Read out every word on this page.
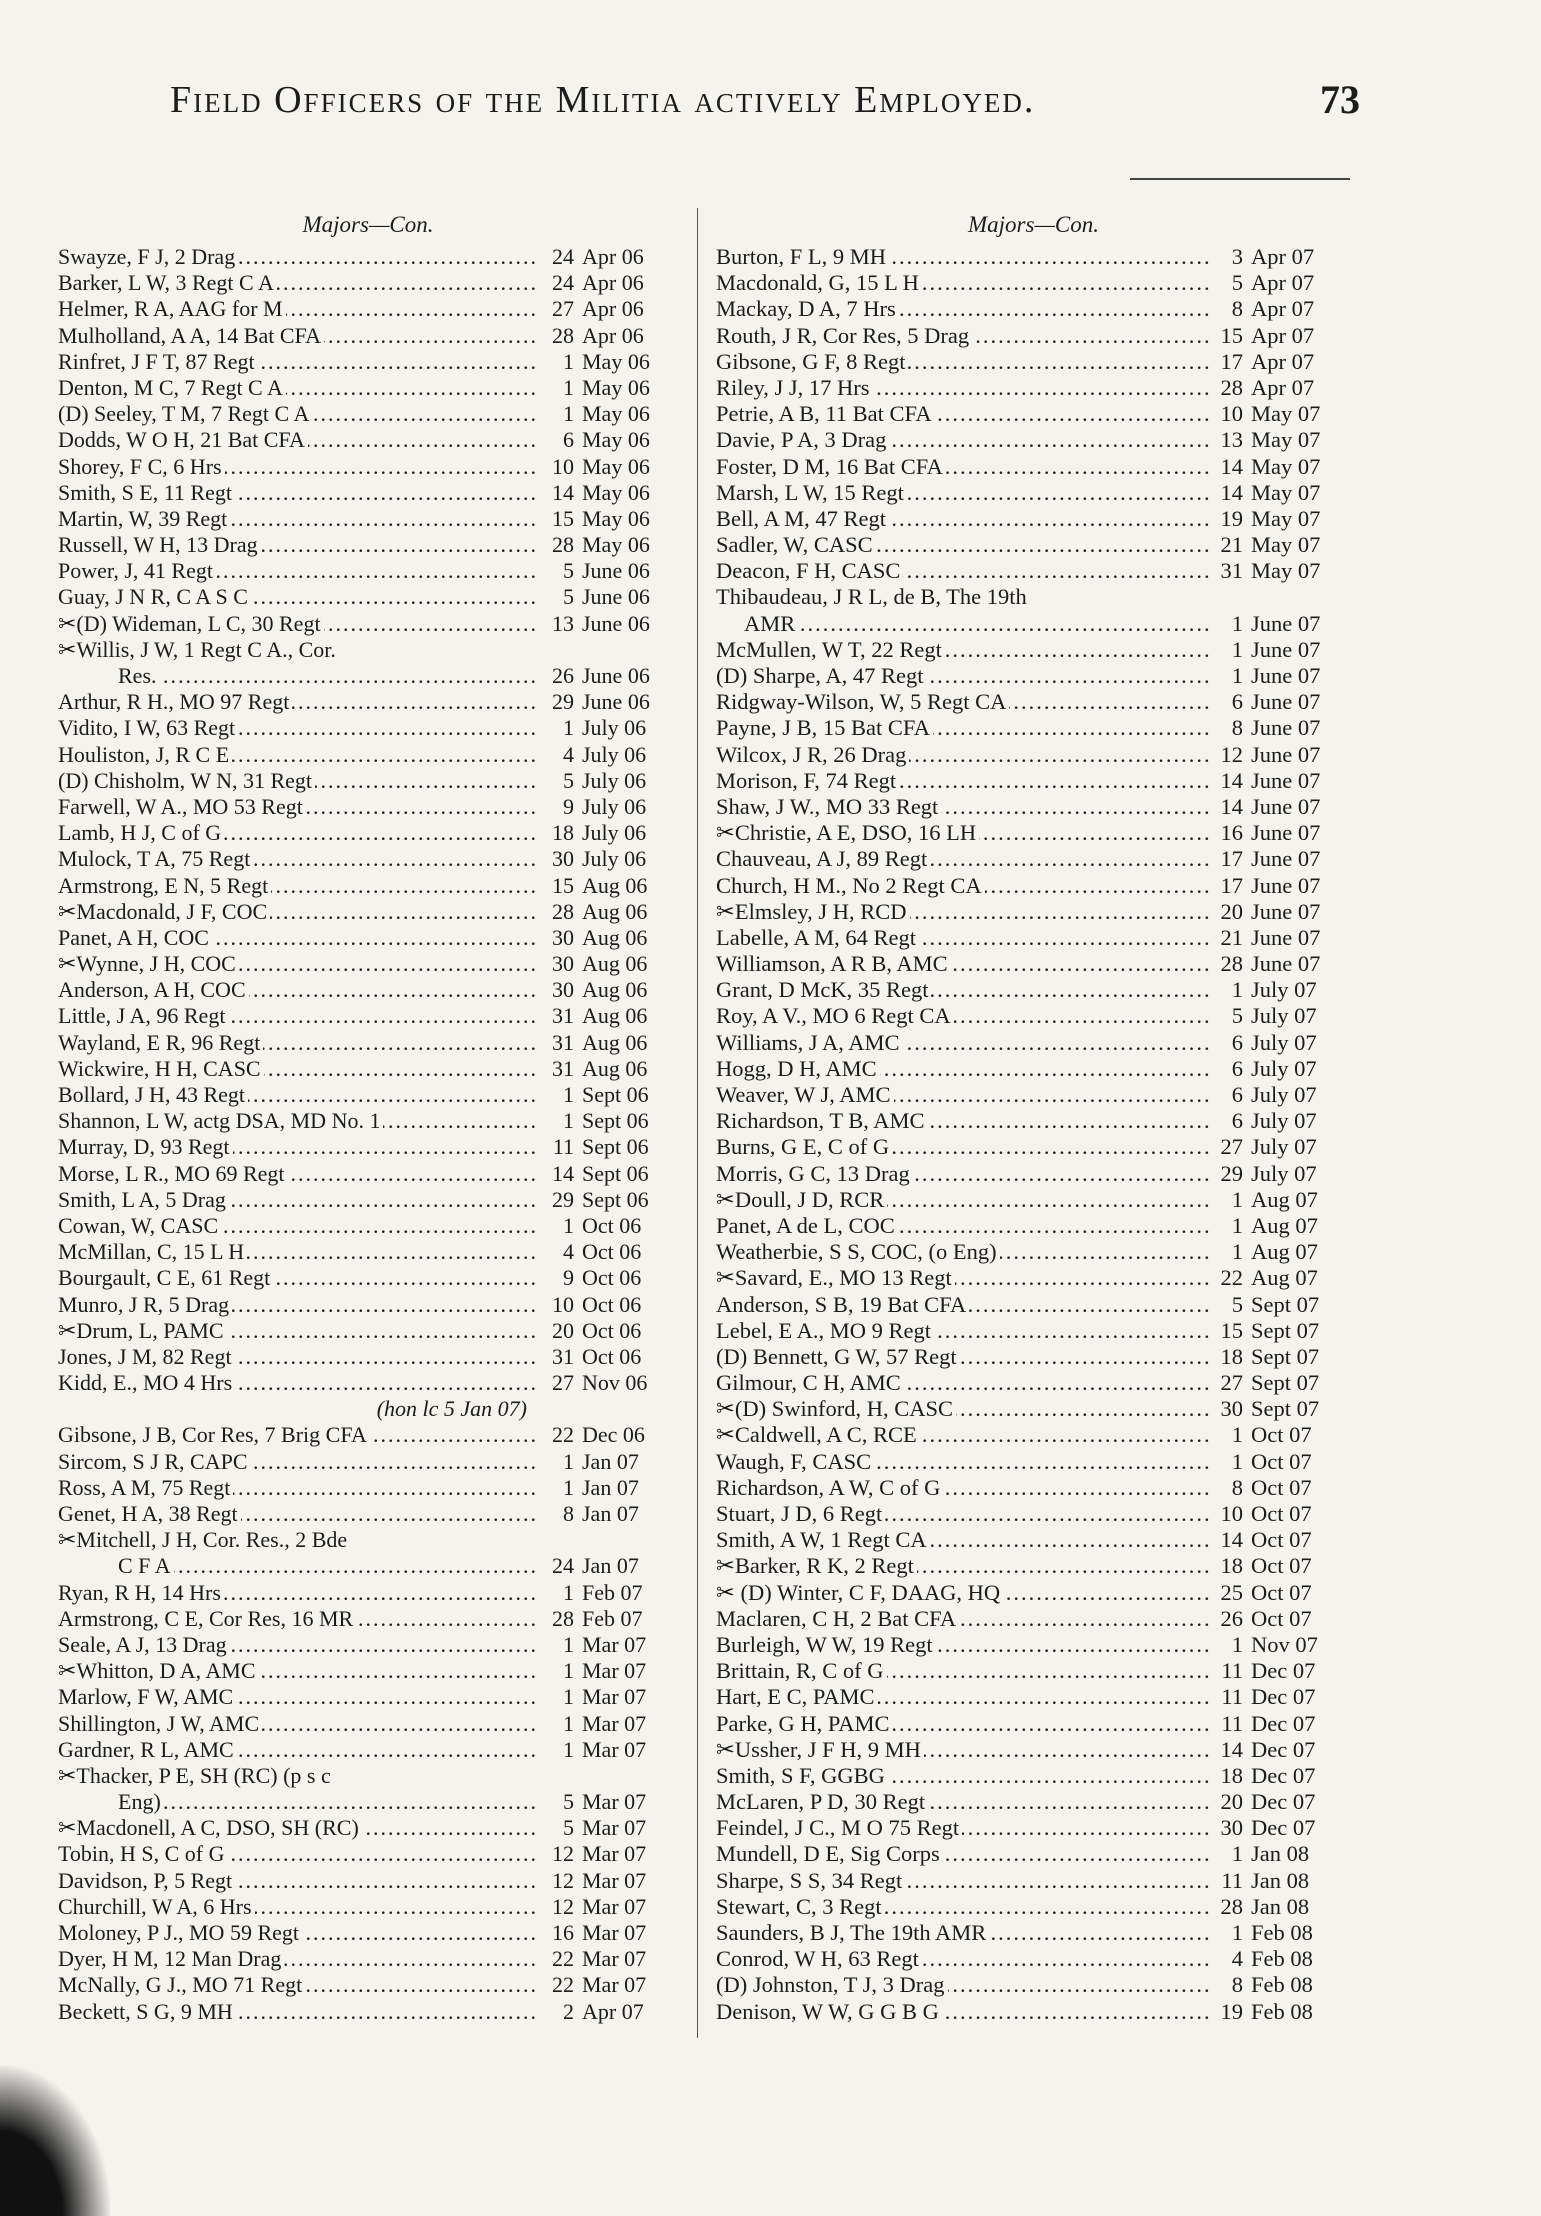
Field Officers of the Militia actively Employed.	73
Majors—Con.
Swayze, F J, 2 Drag .....	24 Apr 06
Barker, L W, 3 Regt C A .....	24 Apr 06
Helmer, R A, AAG for M .....	27 Apr 06
Mulholland, A A, 14 Bat CFA .....	28 Apr 06
Rinfret, J F T, 87 Regt .....	1 May 06
Denton, M C, 7 Regt C A .....	1 May 06
(D) Seeley, T M, 7 Regt C A .....	1 May 06
Dodds, W O H, 21 Bat CFA .....	6 May 06
Shorey, F C, 6 Hrs .....	10 May 06
Smith, S E, 11 Regt .....	14 May 06
Martin, W, 39 Regt .....	15 May 06
Russell, W H, 13 Drag .....	28 May 06
Power, J, 41 Regt .....	5 June 06
Guay, J N R, C A S C .....	5 June 06
✂(D) Wideman, L C, 30 Regt .....	13 June 06
✂Willis, J W, 1 Regt C A., Cor.
Res. .....	26 June 06
Arthur, R H., MO 97 Regt .....	29 June 06
Vidito, I W, 63 Regt .....	1 July 06
Houliston, J, R C E .....	4 July 06
(D) Chisholm, W N, 31 Regt .....	5 July 06
Farwell, W A., MO 53 Regt .....	9 July 06
Lamb, H J, C of G .....	18 July 06
Mulock, T A, 75 Regt .....	30 July 06
Armstrong, E N, 5 Regt .....	15 Aug 06
✂Macdonald, J F, COC .....	28 Aug 06
Panet, A H, COC .....	30 Aug 06
✂Wynne, J H, COC .....	30 Aug 06
Anderson, A H, COC .....	30 Aug 06
Little, J A, 96 Regt .....	31 Aug 06
Wayland, E R, 96 Regt .....	31 Aug 06
Wickwire, H H, CASC .....	31 Aug 06
Bollard, J H, 43 Regt .....	1 Sept 06
Shannon, L W, actg DSA, MD No. 1 .....	1 Sept 06
Murray, D, 93 Regt .....	11 Sept 06
Morse, L R., MO 69 Regt .....	14 Sept 06
Smith, L A, 5 Drag .....	29 Sept 06
Cowan, W, CASC .....	1 Oct 06
McMillan, C, 15 L H .....	4 Oct 06
Bourgault, C E, 61 Regt .....	9 Oct 06
Munro, J R, 5 Drag .....	10 Oct 06
✂Drum, L, PAMC .....	20 Oct 06
Jones, J M, 82 Regt .....	31 Oct 06
Kidd, E., MO 4 Hrs .....	27 Nov 06
(hon lc 5 Jan 07)
Gibsone, J B, Cor Res, 7 Brig CFA .....	22 Dec 06
Sircom, S J R, CAPC .....	1 Jan 07
Ross, A M, 75 Regt .....	1 Jan 07
Genet, H A, 38 Regt .....	8 Jan 07
✂Mitchell, J H, Cor. Res., 2 Bde
C F A .....	24 Jan 07
Ryan, R H, 14 Hrs .....	1 Feb 07
Armstrong, C E, Cor Res, 16 MR .....	28 Feb 07
Seale, A J, 13 Drag .....	1 Mar 07
✂Whitton, D A, AMC .....	1 Mar 07
Marlow, F W, AMC .....	1 Mar 07
Shillington, J W, AMC .....	1 Mar 07
Gardner, R L, AMC .....	1 Mar 07
✂Thacker, P E, SH (RC) (p s c
Eng) .....	5 Mar 07
✂Macdonell, A C, DSO, SH (RC) .....	5 Mar 07
Tobin, H S, C of G .....	12 Mar 07
Davidson, P, 5 Regt .....	12 Mar 07
Churchill, W A, 6 Hrs .....	12 Mar 07
Moloney, P J., MO 59 Regt .....	16 Mar 07
Dyer, H M, 12 Man Drag .....	22 Mar 07
McNally, G J., MO 71 Regt .....	22 Mar 07
Beckett, S G, 9 MH .....	2 Apr 07
Majors—Con.
Burton, F L, 9 MH .....	3 Apr 07
Macdonald, G, 15 L H .....	5 Apr 07
Mackay, D A, 7 Hrs .....	8 Apr 07
Routh, J R, Cor Res, 5 Drag .....	15 Apr 07
Gibsone, G F, 8 Regt .....	17 Apr 07
Riley, J J, 17 Hrs .....	28 Apr 07
Petrie, A B, 11 Bat CFA .....	10 May 07
Davie, P A, 3 Drag .....	13 May 07
Foster, D M, 16 Bat CFA .....	14 May 07
Marsh, L W, 15 Regt .....	14 May 07
Bell, A M, 47 Regt .....	19 May 07
Sadler, W, CASC .....	21 May 07
Deacon, F H, CASC .....	31 May 07
Thibaudeau, J R L, de B, The 19th
AMR .....	1 June 07
McMullen, W T, 22 Regt .....	1 June 07
(D) Sharpe, A, 47 Regt .....	1 June 07
Ridgway-Wilson, W, 5 Regt CA .....	6 June 07
Payne, J B, 15 Bat CFA .....	8 June 07
Wilcox, J R, 26 Drag .....	12 June 07
Morison, F, 74 Regt .....	14 June 07
Shaw, J W., MO 33 Regt .....	14 June 07
✂Christie, A E, DSO, 16 LH .....	16 June 07
Chauveau, A J, 89 Regt .....	17 June 07
Church, H M., No 2 Regt CA .....	17 June 07
✂Elmsley, J H, RCD .....	20 June 07
Labelle, A M, 64 Regt .....	21 June 07
Williamson, A R B, AMC .....	28 June 07
Grant, D McK, 35 Regt .....	1 July 07
Roy, A V., MO 6 Regt CA .....	5 July 07
Williams, J A, AMC .....	6 July 07
Hogg, D H, AMC .....	6 July 07
Weaver, W J, AMC .....	6 July 07
Richardson, T B, AMC .....	6 July 07
Burns, G E, C of G .....	27 July 07
Morris, G C, 13 Drag .....	29 July 07
✂Doull, J D, RCR .....	1 Aug 07
Panet, A de L, COC .....	1 Aug 07
Weatherbie, S S, COC, (o Eng) .....	1 Aug 07
✂Savard, E., MO 13 Regt .....	22 Aug 07
Anderson, S B, 19 Bat CFA .....	5 Sept 07
Lebel, E A., MO 9 Regt .....	15 Sept 07
(D) Bennett, G W, 57 Regt .....	18 Sept 07
Gilmour, C H, AMC .....	27 Sept 07
✂(D) Swinford, H, CASC .....	30 Sept 07
✂Caldwell, A C, RCE .....	1 Oct 07
Waugh, F, CASC .....	1 Oct 07
Richardson, A W, C of G .....	8 Oct 07
Stuart, J D, 6 Regt .....	10 Oct 07
Smith, A W, 1 Regt CA .....	14 Oct 07
✂Barker, R K, 2 Regt .....	18 Oct 07
✂ (D) Winter, C F, DAAG, HQ .....	25 Oct 07
Maclaren, C H, 2 Bat CFA .....	26 Oct 07
Burleigh, W W, 19 Regt .....	1 Nov 07
Brittain, R, C of G .....	11 Dec 07
Hart, E C, PAMC .....	11 Dec 07
Parke, G H, PAMC .....	11 Dec 07
✂Ussher, J F H, 9 MH .....	14 Dec 07
Smith, S F, GGBG .....	18 Dec 07
McLaren, P D, 30 Regt .....	20 Dec 07
Feindel, J C., M O 75 Regt .....	30 Dec 07
Mundell, D E, Sig Corps .....	1 Jan 08
Sharpe, S S, 34 Regt .....	11 Jan 08
Stewart, C, 3 Regt .....	28 Jan 08
Saunders, B J, The 19th AMR .....	1 Feb 08
Conrod, W H, 63 Regt .....	4 Feb 08
(D) Johnston, T J, 3 Drag .....	8 Feb 08
Denison, W W, G G B G .....	19 Feb 08
